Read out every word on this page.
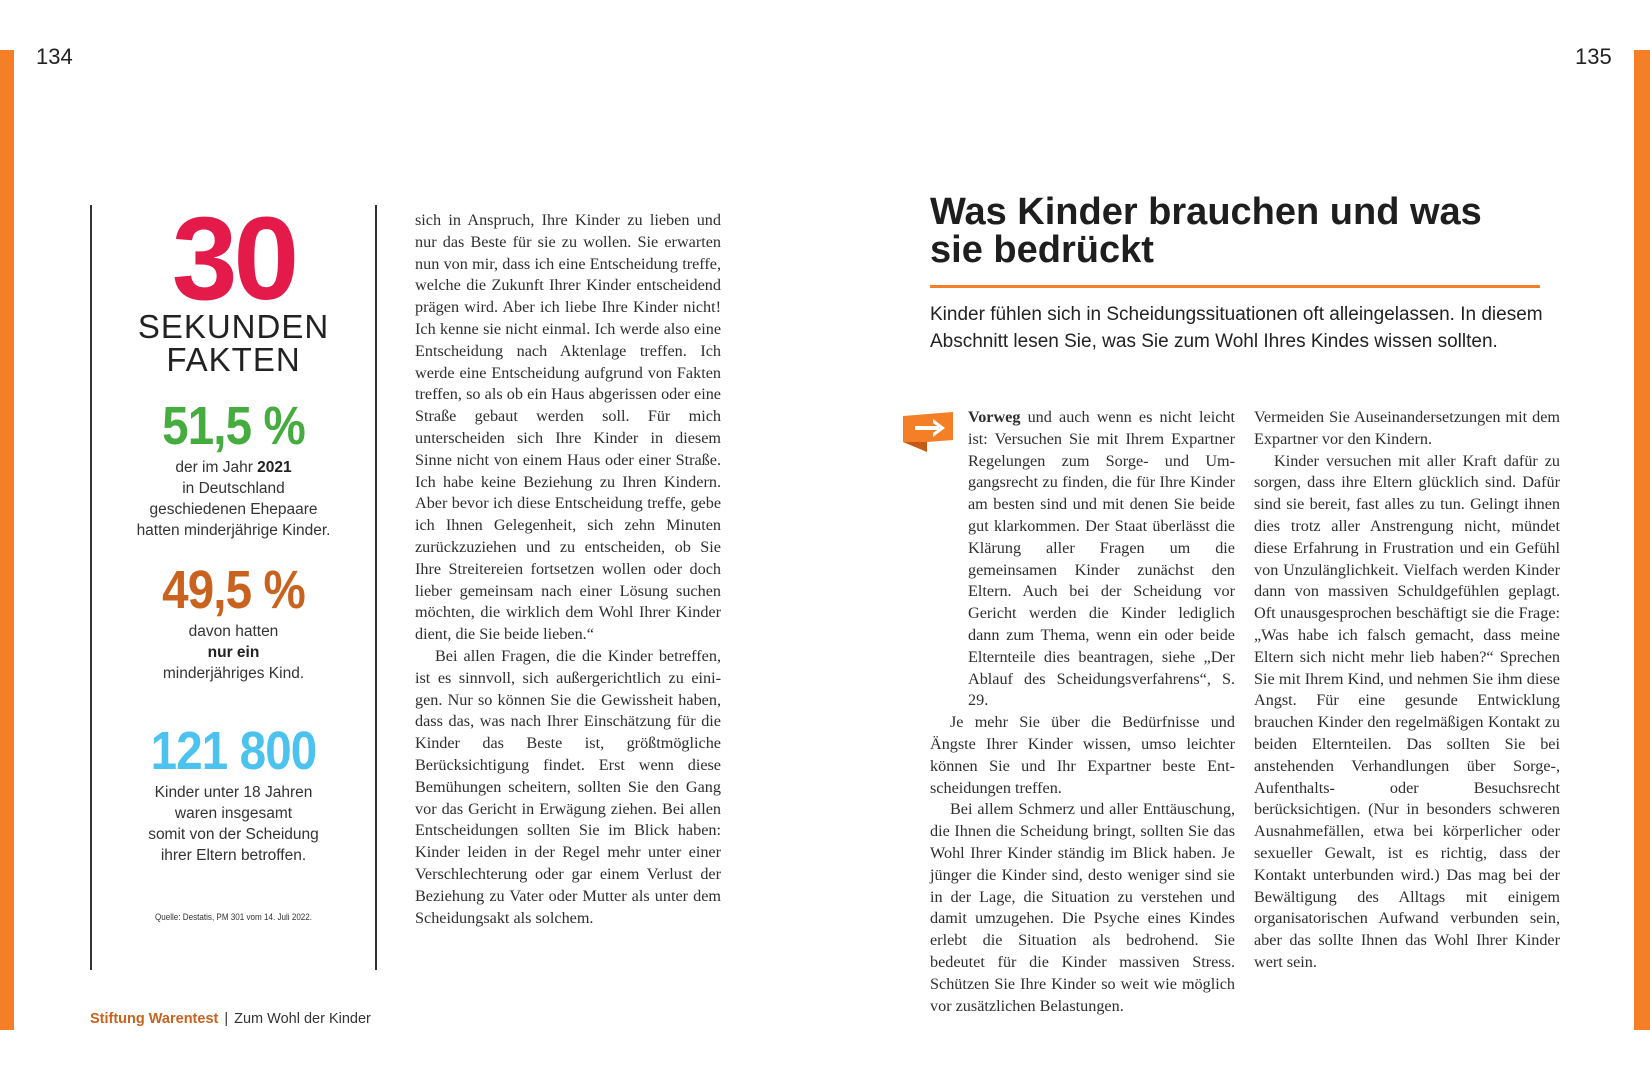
134	135
30
SEKUNDEN
FAKTEN
51,5 %
der im Jahr 2021
in Deutschland
geschiedenen Ehepaare
hatten minderjährige Kinder.
49,5 %
davon hatten
nur ein
minderjähriges Kind.
121 800
Kinder unter 18 Jahren
waren insgesamt
somit von der Scheidung
ihrer Eltern betroffen.
Quelle: Destatis, PM 301 vom 14. Juli 2022.

sich in Anspruch, Ihre Kinder zu lieben und nur das Beste für sie zu wollen. Sie erwarten nun von mir, dass ich eine Entscheidung treffe, welche die Zukunft Ihrer Kinder entscheidend prägen wird. Aber ich liebe Ihre Kinder nicht! Ich kenne sie nicht einmal. Ich werde also eine Entscheidung nach Aktenlage treffen. Ich werde eine Entscheidung aufgrund von Fakten treffen, so als ob ein Haus abgerissen oder eine Straße gebaut werden soll. Für mich unterscheiden sich Ihre Kinder in diesem Sinne nicht von einem Haus oder einer Straße. Ich habe keine Beziehung zu Ihren Kindern. Aber bevor ich diese Entscheidung treffe, gebe ich Ihnen Gelegenheit, sich zehn Minuten zurückzuziehen und zu entscheiden, ob Sie Ihre Streitereien fortsetzen wollen oder doch lieber gemeinsam nach einer Lösung suchen möchten, die wirklich dem Wohl Ihrer Kinder dient, die Sie beide lieben.“

Bei allen Fragen, die die Kinder betreffen, ist es sinnvoll, sich außergerichtlich zu einigen. Nur so können Sie die Gewissheit haben, dass das, was nach Ihrer Einschätzung für die Kinder das Beste ist, größtmögliche Berücksichtigung findet. Erst wenn diese Bemühungen scheitern, sollten Sie den Gang vor das Gericht in Erwägung ziehen. Bei allen Entscheidungen sollten Sie im Blick haben: Kinder leiden in der Regel mehr unter einer Verschlechterung oder gar einem Verlust der Beziehung zu Vater oder Mutter als unter dem Scheidungsakt als solchem.

Was Kinder brauchen und was sie bedrückt
Kinder fühlen sich in Scheidungssituationen oft alleingelassen. In diesem Abschnitt lesen Sie, was Sie zum Wohl Ihres Kindes wissen sollten.

Vorweg und auch wenn es nicht leicht ist: Versuchen Sie mit Ihrem Expartner Regelungen zum Sorge- und Umgangsrecht zu finden, die für Ihre Kinder am besten sind und mit denen Sie beide gut klarkommen. Der Staat überlässt die Klärung aller Fragen um die gemeinsamen Kinder zunächst den Eltern. Auch bei der Scheidung vor Gericht werden die Kinder lediglich dann zum Thema, wenn ein oder beide Elternteile dies beantragen, siehe „Der Ablauf des Scheidungsverfahrens“, S. 29.

Je mehr Sie über die Bedürfnisse und Ängste Ihrer Kinder wissen, umso leichter können Sie und Ihr Expartner beste Entscheidungen treffen.

Bei allem Schmerz und aller Enttäuschung, die Ihnen die Scheidung bringt, sollten Sie das Wohl Ihrer Kinder ständig im Blick haben. Je jünger die Kinder sind, desto weniger sind sie in der Lage, die Situation zu verstehen und damit umzugehen. Die Psyche eines Kindes erlebt die Situation als bedrohend. Sie bedeutet für die Kinder massiven Stress. Schützen Sie Ihre Kinder so weit wie möglich vor zusätzlichen Belastungen.

Vermeiden Sie Auseinandersetzungen mit dem Expartner vor den Kindern.

Kinder versuchen mit aller Kraft dafür zu sorgen, dass ihre Eltern glücklich sind. Dafür sind sie bereit, fast alles zu tun. Gelingt ihnen dies trotz aller Anstrengung nicht, mündet diese Erfahrung in Frustration und ein Gefühl von Unzulänglichkeit. Vielfach werden Kinder dann von massiven Schuldgefühlen geplagt. Oft unausgesprochen beschäftigt sie die Frage: „Was habe ich falsch gemacht, dass meine Eltern sich nicht mehr lieb haben?“ Sprechen Sie mit Ihrem Kind, und nehmen Sie ihm diese Angst. Für eine gesunde Entwicklung brauchen Kinder den regelmäßigen Kontakt zu beiden Elternteilen. Das sollten Sie bei anstehenden Verhandlungen über Sorge-, Aufenthalts- oder Besuchsrecht berücksichtigen. (Nur in besonders schweren Ausnahmefällen, etwa bei körperlicher oder sexueller Gewalt, ist es richtig, dass der Kontakt unterbunden wird.) Das mag bei der Bewältigung des Alltags mit einigem organisatorischen Aufwand verbunden sein, aber das sollte Ihnen das Wohl Ihrer Kinder wert sein.

Stiftung Warentest | Zum Wohl der Kinder
